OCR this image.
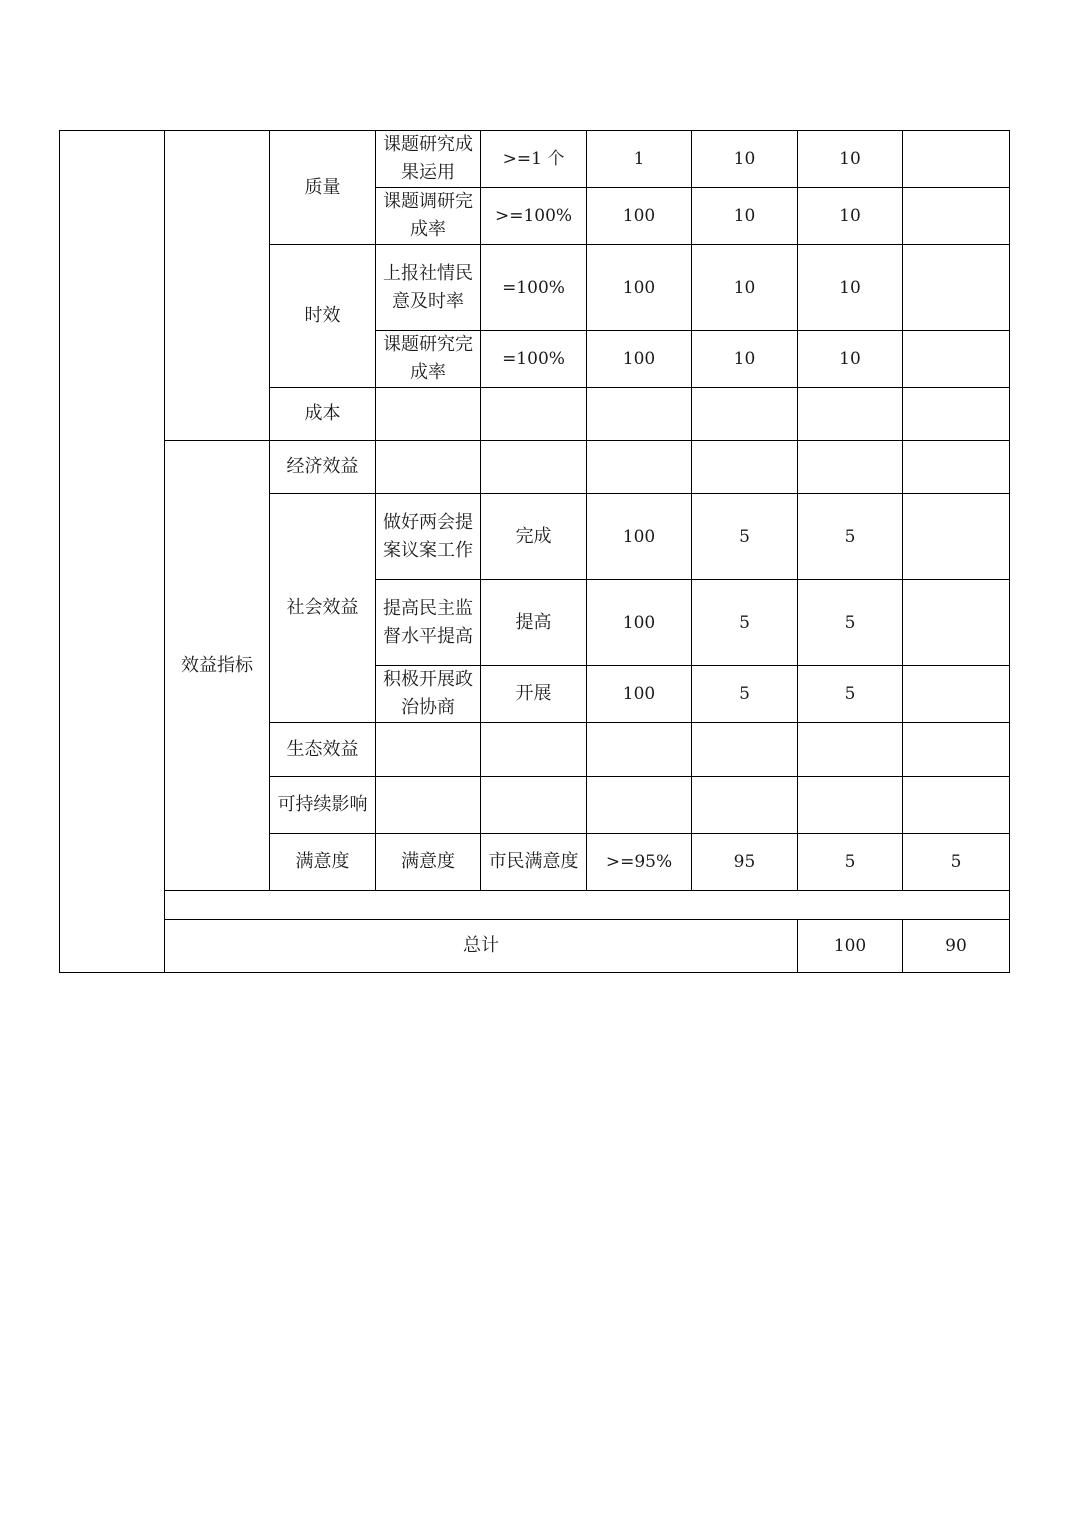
		质量	课题研究成果运用	>=1 个	1	10	10		
			课题调研完成率	>=100%	100	10	10		
		时效	上报社情民意及时率	=100%	100	10	10		
			课题研究完成率	=100%	100	10	10		
		成本							
	效益指标	经济效益							
		社会效益	做好两会提案议案工作	完成	100	5	5		
			提高民主监督水平提高	提高	100	5	5		
			积极开展政治协商	开展	100	5	5		
		生态效益							
		可持续影响							
		满意度	满意度	市民满意度	>=95%	95	5	5	

	总计						100	90	
